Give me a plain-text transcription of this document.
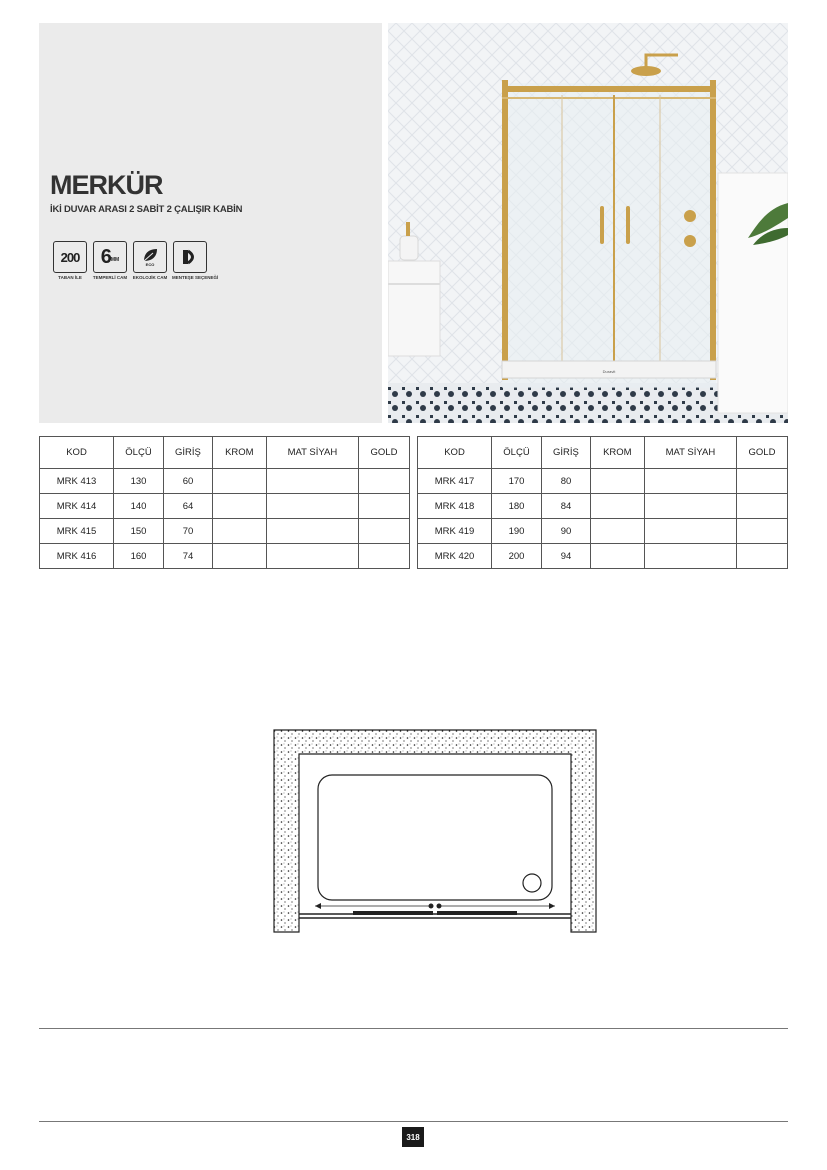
MERKÜR

İKİ DUVAR ARASI 2 SABİT 2 ÇALIŞIR KABİN

200
TABAN İLE
6 MM
TEMPERLİ CAM
ECO
EKOLOJİK CAM MENTEŞE SEÇENEĞİ
Duravit
KOD	ÖLÇÜ	GİRİŞ	KROM	MAT SİYAH	GOLD
MRK 413	130	60			
MRK 414	140	64			
MRK 415	150	70			
MRK 416	160	74			
KOD	ÖLÇÜ	GİRİŞ	KROM	MAT SİYAH	GOLD
MRK 417	170	80			
MRK 418	180	84			
MRK 419	190	90			
MRK 420	200	94			
318
